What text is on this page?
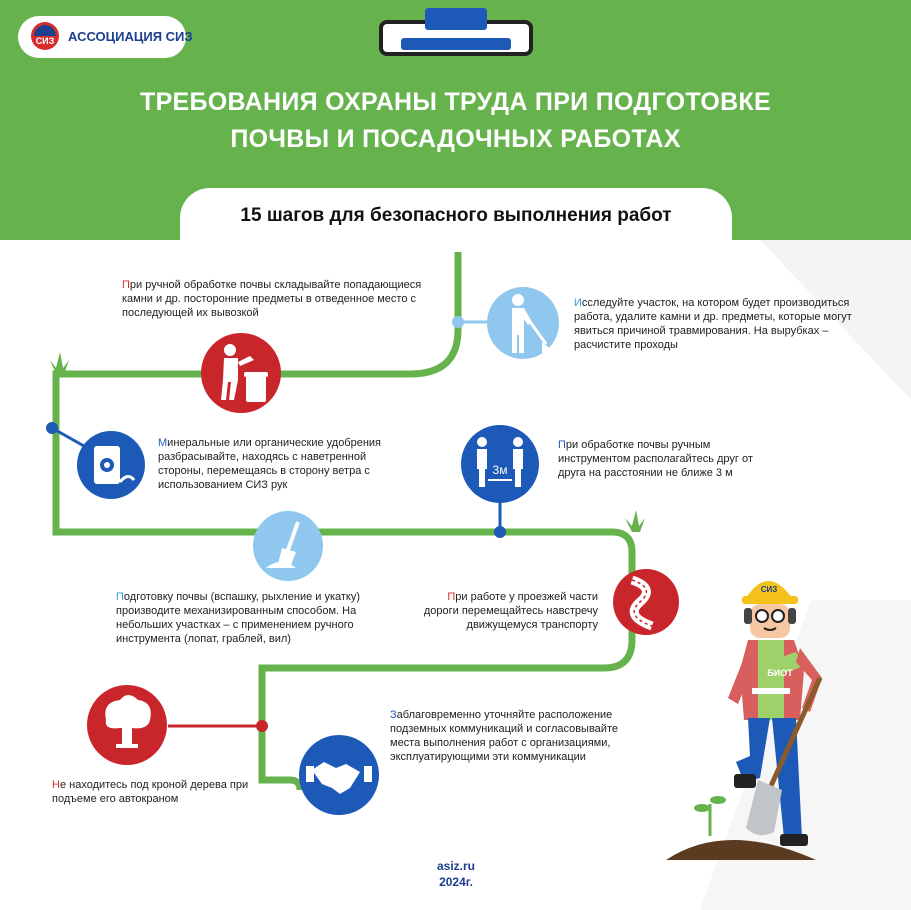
СИЗ АССОЦИАЦИЯ СИЗ
ТРЕБОВАНИЯ ОХРАНЫ ТРУДА ПРИ ПОДГОТОВКЕ
ПОЧВЫ И ПОСАДОЧНЫХ РАБОТАХ
15 шагов для безопасного выполнения работ
При ручной обработке почвы складывайте попадающиеся камни и др. посторонние предметы в отведенное место с последующей их вывозкой
Исследуйте участок, на котором будет производиться работа, удалите камни и др. предметы, которые могут явиться причиной травмирования. На вырубках – расчистите проходы
Минеральные или органические удобрения разбрасывайте, находясь с наветренной стороны, перемещаясь в сторону ветра с использованием СИЗ рук
3м
При обработке почвы ручным инструментом располагайтесь друг от друга на расстоянии не ближе 3 м
Подготовку почвы (вспашку, рыхление и укатку) производите механизированным способом. На небольших участках – с применением ручного инструмента (лопат, граблей, вил)
При работе у проезжей части дороги перемещайтесь навстречу движущемуся транспорту
Не находитесь под кроной дерева при подъеме его автокраном
Заблаговременно уточняйте расположение подземных коммуникаций и согласовывайте места выполнения работ с организациями, эксплуатирующими эти коммуникации
СИЗ
БИОТ
asiz.ru
2024г.
